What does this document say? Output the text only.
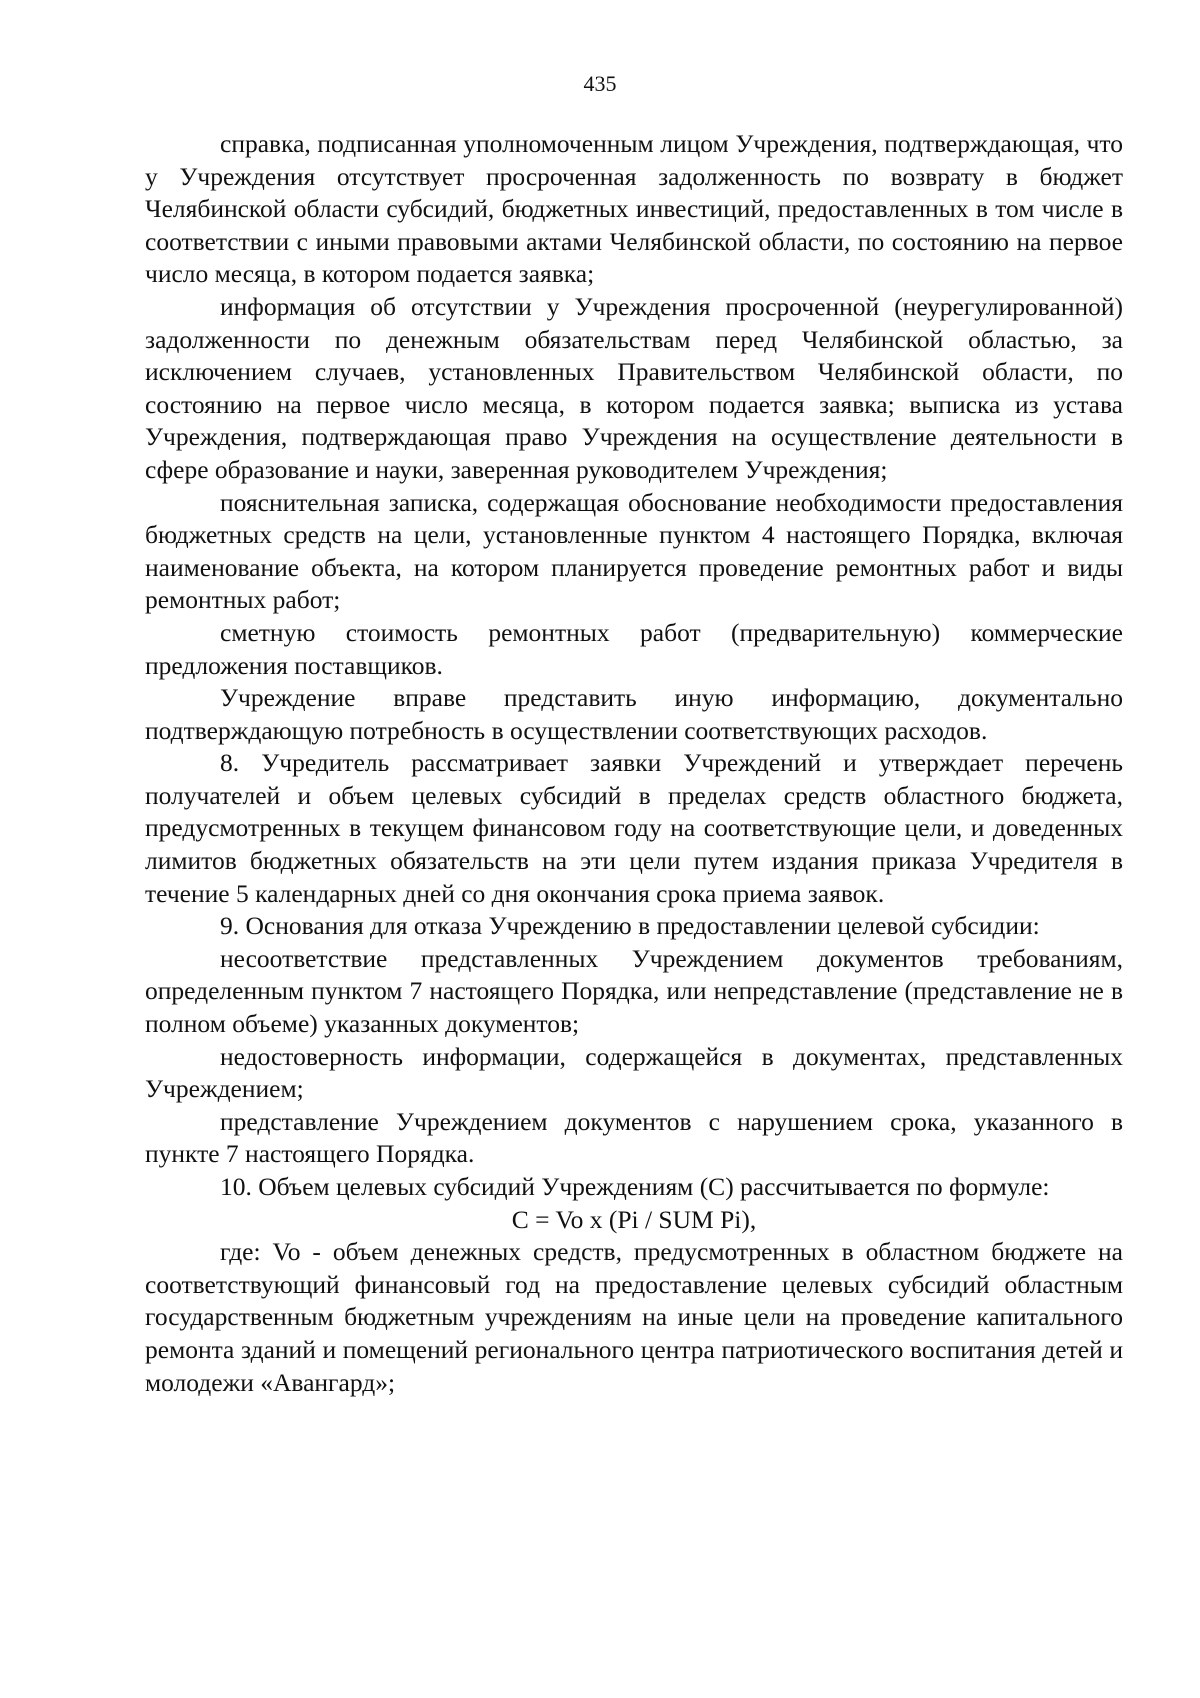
435

справка, подписанная уполномоченным лицом Учреждения, подтверждающая, что у Учреждения отсутствует просроченная задолженность по возврату в бюджет Челябинской области субсидий, бюджетных инвестиций, предоставленных в том числе в соответствии с иными правовыми актами Челябинской области, по состоянию на первое число месяца, в котором подается заявка;

информация об отсутствии у Учреждения просроченной (неурегулированной) задолженности по денежным обязательствам перед Челябинской областью, за исключением случаев, установленных Правительством Челябинской области, по состоянию на первое число месяца, в котором подается заявка; выписка из устава Учреждения, подтверждающая право Учреждения на осуществление деятельности в сфере образование и науки, заверенная руководителем Учреждения;

пояснительная записка, содержащая обоснование необходимости предоставления бюджетных средств на цели, установленные пунктом 4 настоящего Порядка, включая наименование объекта, на котором планируется проведение ремонтных работ и виды ремонтных работ;

сметную стоимость ремонтных работ (предварительную) коммерческие предложения поставщиков.

Учреждение вправе представить иную информацию, документально подтверждающую потребность в осуществлении соответствующих расходов.

8. Учредитель рассматривает заявки Учреждений и утверждает перечень получателей и объем целевых субсидий в пределах средств областного бюджета, предусмотренных в текущем финансовом году на соответствующие цели, и доведенных лимитов бюджетных обязательств на эти цели путем издания приказа Учредителя в течение 5 календарных дней со дня окончания срока приема заявок.

9. Основания для отказа Учреждению в предоставлении целевой субсидии:

несоответствие представленных Учреждением документов требованиям, определенным пунктом 7 настоящего Порядка, или непредставление (представление не в полном объеме) указанных документов;

недостоверность информации, содержащейся в документах, представленных Учреждением;

представление Учреждением документов с нарушением срока, указанного в пункте 7 настоящего Порядка.

10. Объем целевых субсидий Учреждениям (C) рассчитывается по формуле:

C = Vo x (Pi / SUM Pi),

где: Vo - объем денежных средств, предусмотренных в областном бюджете на соответствующий финансовый год на предоставление целевых субсидий областным государственным бюджетным учреждениям на иные цели на проведение капитального ремонта зданий и помещений регионального центра патриотического воспитания детей и молодежи «Авангард»;
